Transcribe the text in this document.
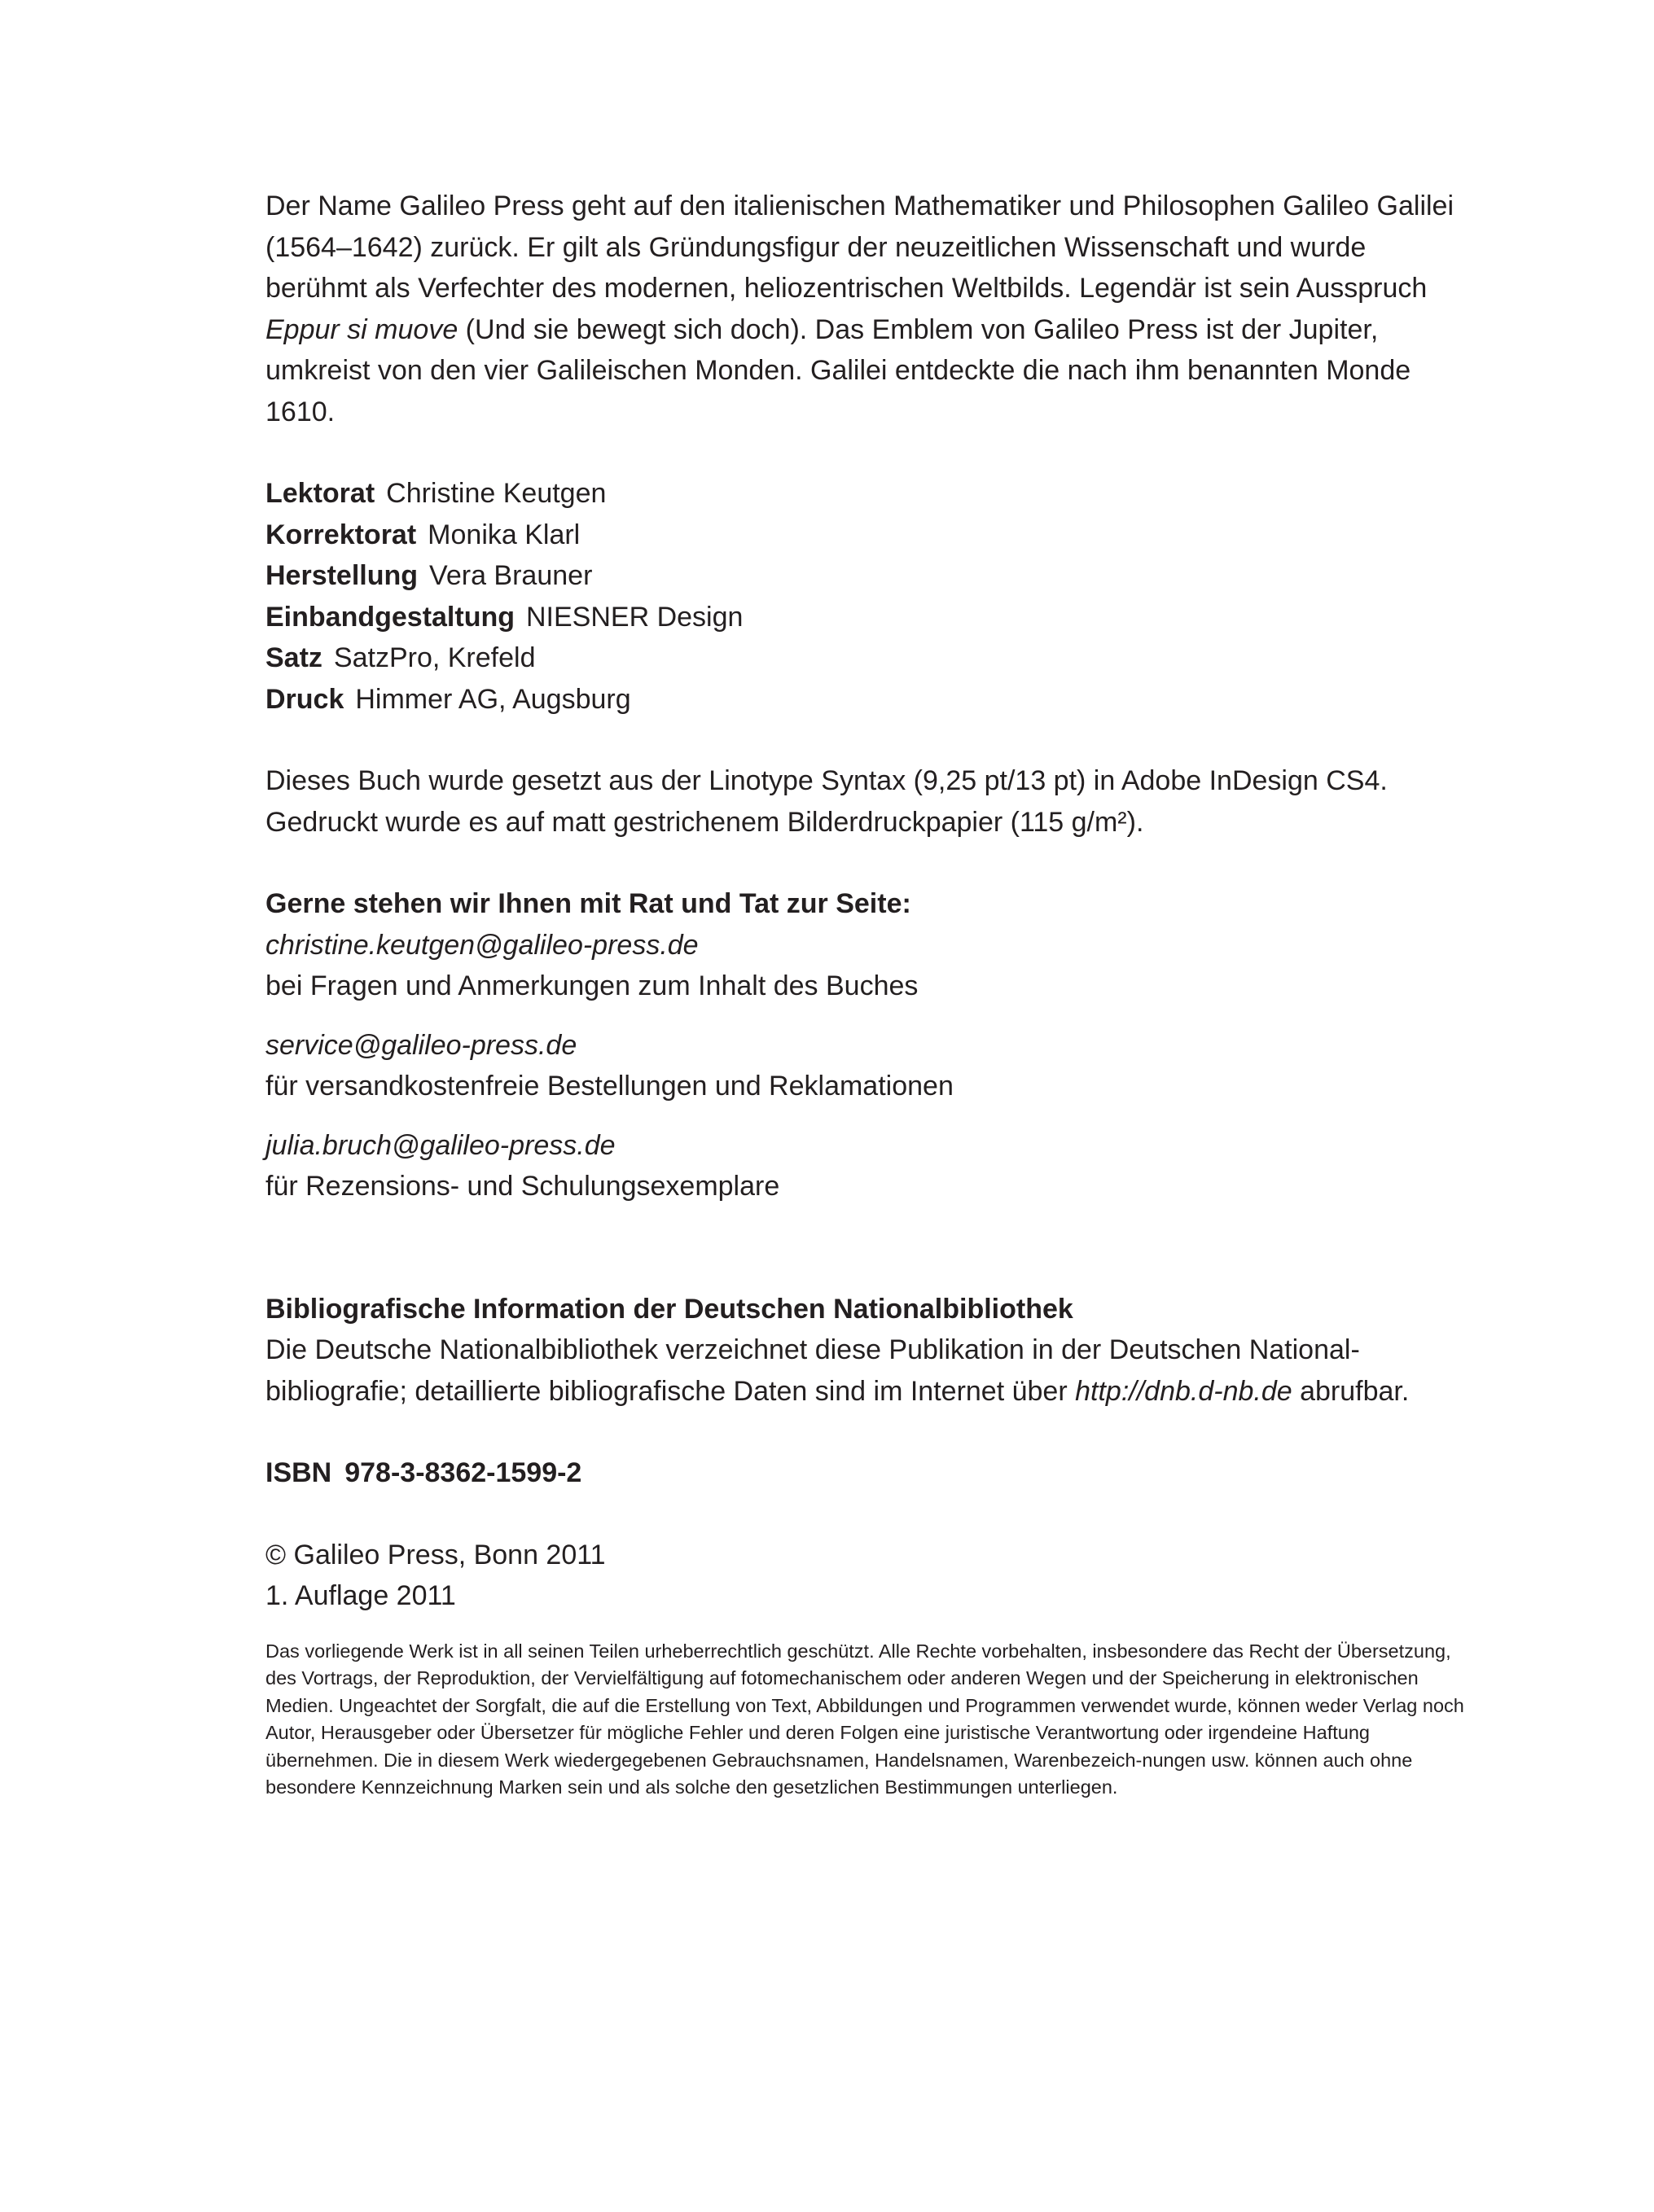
Der Name Galileo Press geht auf den italienischen Mathematiker und Philosophen Galileo Galilei (1564–1642) zurück. Er gilt als Gründungsfigur der neuzeitlichen Wissenschaft und wurde berühmt als Verfechter des modernen, heliozentrischen Weltbilds. Legendär ist sein Ausspruch Eppur si muove (Und sie bewegt sich doch). Das Emblem von Galileo Press ist der Jupiter, umkreist von den vier Galileischen Monden. Galilei entdeckte die nach ihm benannten Monde 1610.

Lektorat Christine Keutgen
Korrektorat Monika Klarl
Herstellung Vera Brauner
Einbandgestaltung NIESNER Design
Satz SatzPro, Krefeld
Druck Himmer AG, Augsburg
Dieses Buch wurde gesetzt aus der Linotype Syntax (9,25 pt/13 pt) in Adobe InDesign CS4.
Gedruckt wurde es auf matt gestrichenem Bilderdruckpapier (115 g/m²).
Gerne stehen wir Ihnen mit Rat und Tat zur Seite:
christine.keutgen@galileo-press.de
bei Fragen und Anmerkungen zum Inhalt des Buches
service@galileo-press.de
für versandkostenfreie Bestellungen und Reklamationen
julia.bruch@galileo-press.de
für Rezensions- und Schulungsexemplare
Bibliografische Information der Deutschen Nationalbibliothek

Die Deutsche Nationalbibliothek verzeichnet diese Publikation in der Deutschen National-bibliografie; detaillierte bibliografische Daten sind im Internet über http://dnb.d-nb.de abrufbar.

ISBN 978-3-8362-1599-2
© Galileo Press, Bonn 2011
1. Auflage 2011

Das vorliegende Werk ist in all seinen Teilen urheberrechtlich geschützt. Alle Rechte vorbehalten, insbesondere das Recht der Übersetzung, des Vortrags, der Reproduktion, der Vervielfältigung auf fotomechanischem oder anderen Wegen und der Speicherung in elektronischen Medien. Ungeachtet der Sorgfalt, die auf die Erstellung von Text, Abbildungen und Programmen verwendet wurde, können weder Verlag noch Autor, Herausgeber oder Übersetzer für mögliche Fehler und deren Folgen eine juristische Verantwortung oder irgendeine Haftung übernehmen. Die in diesem Werk wiedergegebenen Gebrauchsnamen, Handelsnamen, Warenbezeich-nungen usw. können auch ohne besondere Kennzeichnung Marken sein und als solche den gesetzlichen Bestimmungen unterliegen.
